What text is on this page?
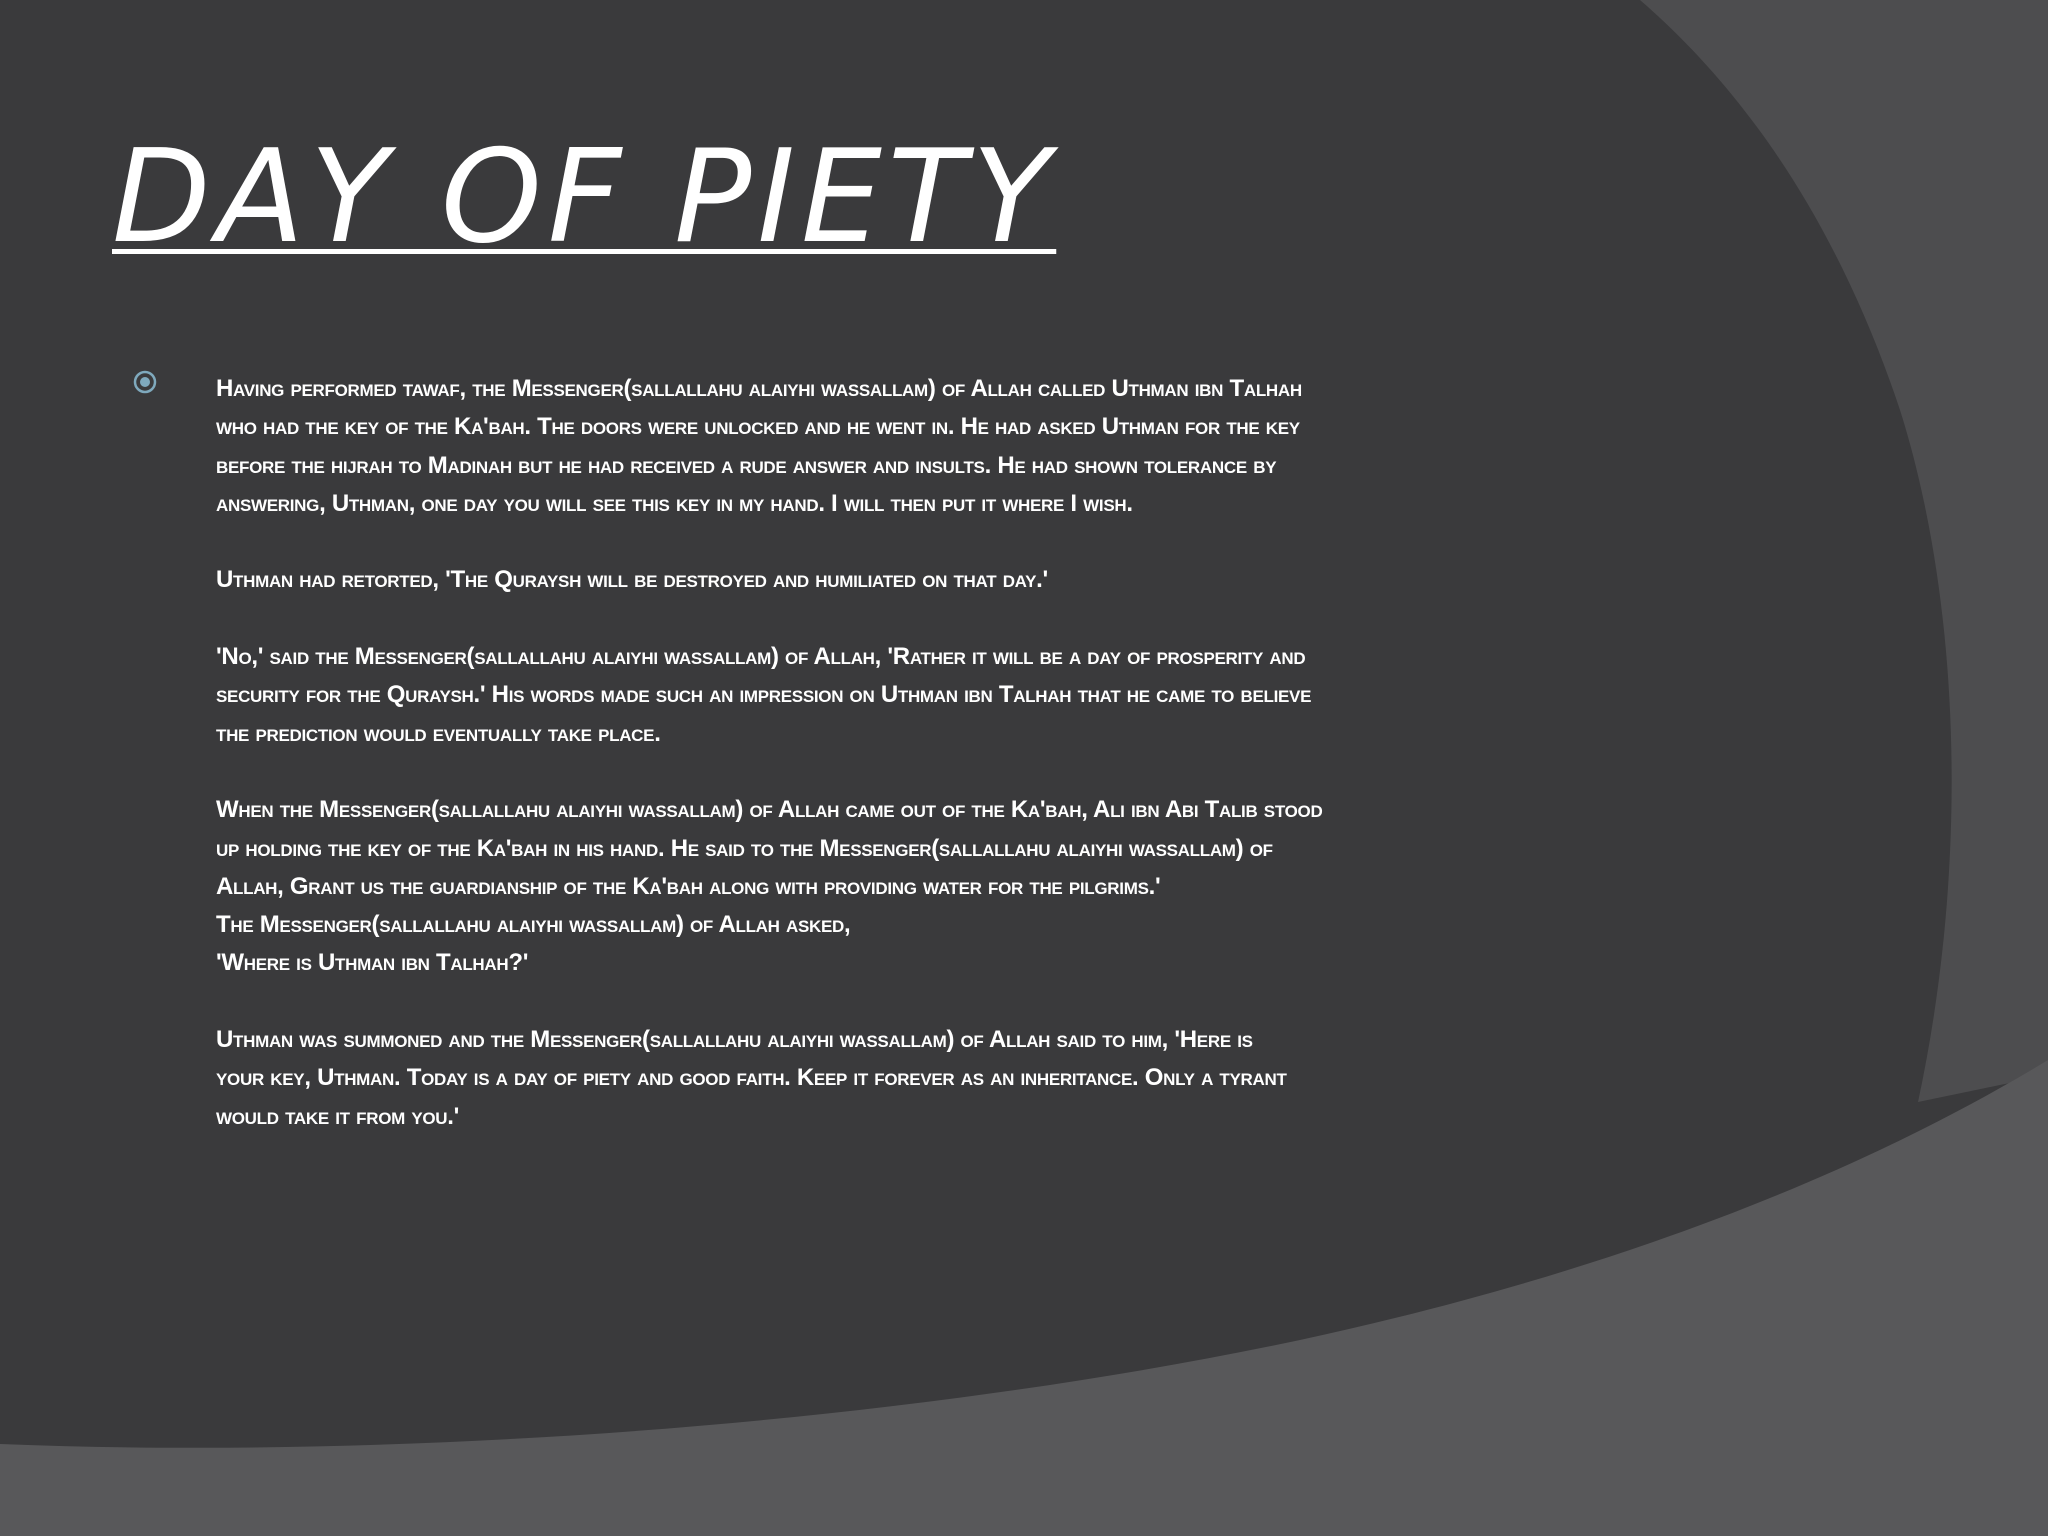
DAY OF PIETY

Having performed tawaf, the Messenger(sallallahu alaiyhi wassallam) of Allah called Uthman ibn Talhah
who had the key of the Ka'bah. The doors were unlocked and he went in. He had asked Uthman for the key
before the hijrah to Madinah but he had received a rude answer and insults. He had shown tolerance by
answering, Uthman, one day you will see this key in my hand. I will then put it where I wish.

Uthman had retorted, 'The Quraysh will be destroyed and humiliated on that day.'

'No,' said the Messenger(sallallahu alaiyhi wassallam) of Allah, 'Rather it will be a day of prosperity and
security for the Quraysh.' His words made such an impression on Uthman ibn Talhah that he came to believe
the prediction would eventually take place.

When the Messenger(sallallahu alaiyhi wassallam) of Allah came out of the Ka'bah, Ali ibn Abi Talib stood
up holding the key of the Ka'bah in his hand. He said to the Messenger(sallallahu alaiyhi wassallam) of
Allah, Grant us the guardianship of the Ka'bah along with providing water for the pilgrims.'
The Messenger(sallallahu alaiyhi wassallam) of Allah asked,
'Where is Uthman ibn Talhah?'

Uthman was summoned and the Messenger(sallallahu alaiyhi wassallam) of Allah said to him, 'Here is
your key, Uthman. Today is a day of piety and good faith. Keep it forever as an inheritance. Only a tyrant
would take it from you.'
